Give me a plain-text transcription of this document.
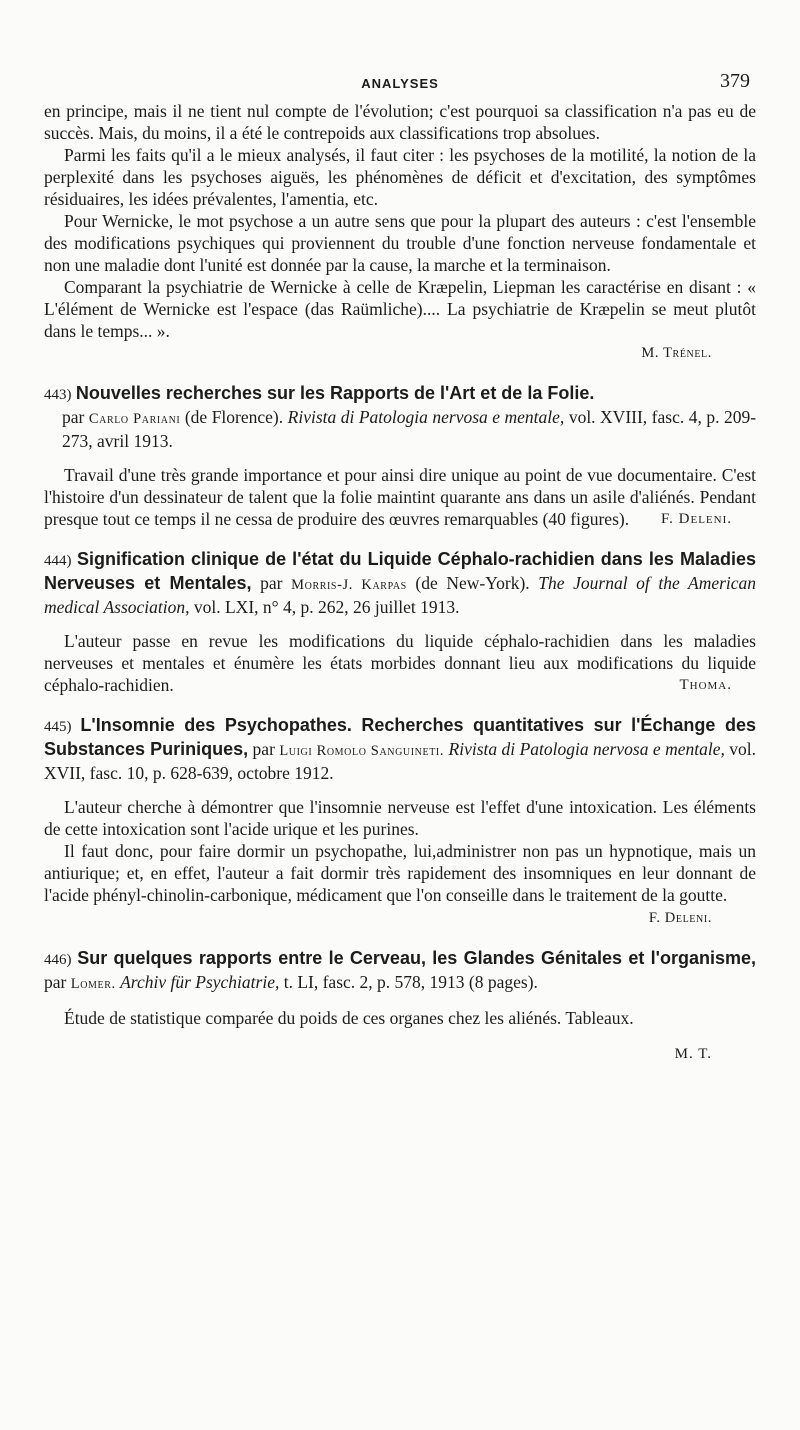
ANALYSES	379

en principe, mais il ne tient nul compte de l'évolution; c'est pourquoi sa classification n'a pas eu de succès. Mais, du moins, il a été le contrepoids aux classifications trop absolues.

Parmi les faits qu'il a le mieux analysés, il faut citer : les psychoses de la motilité, la notion de la perplexité dans les psychoses aiguës, les phénomènes de déficit et d'excitation, des symptômes résiduaires, les idées prévalentes, l'amentia, etc.

Pour Wernicke, le mot psychose a un autre sens que pour la plupart des auteurs : c'est l'ensemble des modifications psychiques qui proviennent du trouble d'une fonction nerveuse fondamentale et non une maladie dont l'unité est donnée par la cause, la marche et la terminaison.

Comparant la psychiatrie de Wernicke à celle de Kræpelin, Liepman les caractérise en disant : « L'élément de Wernicke est l'espace (das Raümliche).... La psychiatrie de Kræpelin se meut plutôt dans le temps... ».

M. Trénel.

443) Nouvelles recherches sur les Rapports de l'Art et de la Folie.
par Carlo Pariani (de Florence). Rivista di Patologia nervosa e mentale, vol. XVIII, fasc. 4, p. 209-273, avril 1913.

Travail d'une très grande importance et pour ainsi dire unique au point de vue documentaire. C'est l'histoire d'un dessinateur de talent que la folie maintint quarante ans dans un asile d'aliénés. Pendant presque tout ce temps il ne cessa de produire des œuvres remarquables (40 figures).	F. Deleni.

444) Signification clinique de l'état du Liquide Céphalo-rachidien dans les Maladies Nerveuses et Mentales, par Morris-J. Karpas (de New-York). The Journal of the American medical Association, vol. LXI, n° 4, p. 262, 26 juillet 1913.

L'auteur passe en revue les modifications du liquide céphalo-rachidien dans les maladies nerveuses et mentales et énumère les états morbides donnant lieu aux modifications du liquide céphalo-rachidien.	Thoma.

445) L'Insomnie des Psychopathes. Recherches quantitatives sur l'Échange des Substances Puriniques, par Luigi Romolo Sanguineti. Rivista di Patologia nervosa e mentale, vol. XVII, fasc. 10, p. 628-639, octobre 1912.

L'auteur cherche à démontrer que l'insomnie nerveuse est l'effet d'une intoxication. Les éléments de cette intoxication sont l'acide urique et les purines.

Il faut donc, pour faire dormir un psychopathe, lui,administrer non pas un hypnotique, mais un antiurique; et, en effet, l'auteur a fait dormir très rapidement des insomniques en leur donnant de l'acide phényl-chinolin-carbonique, médicament que l'on conseille dans le traitement de la goutte.

F. Deleni.

446) Sur quelques rapports entre le Cerveau, les Glandes Génitales et l'organisme, par Lomer. Archiv für Psychiatrie, t. LI, fasc. 2, p. 578, 1913 (8 pages).

Étude de statistique comparée du poids de ces organes chez les aliénés. Tableaux.

M. T.
